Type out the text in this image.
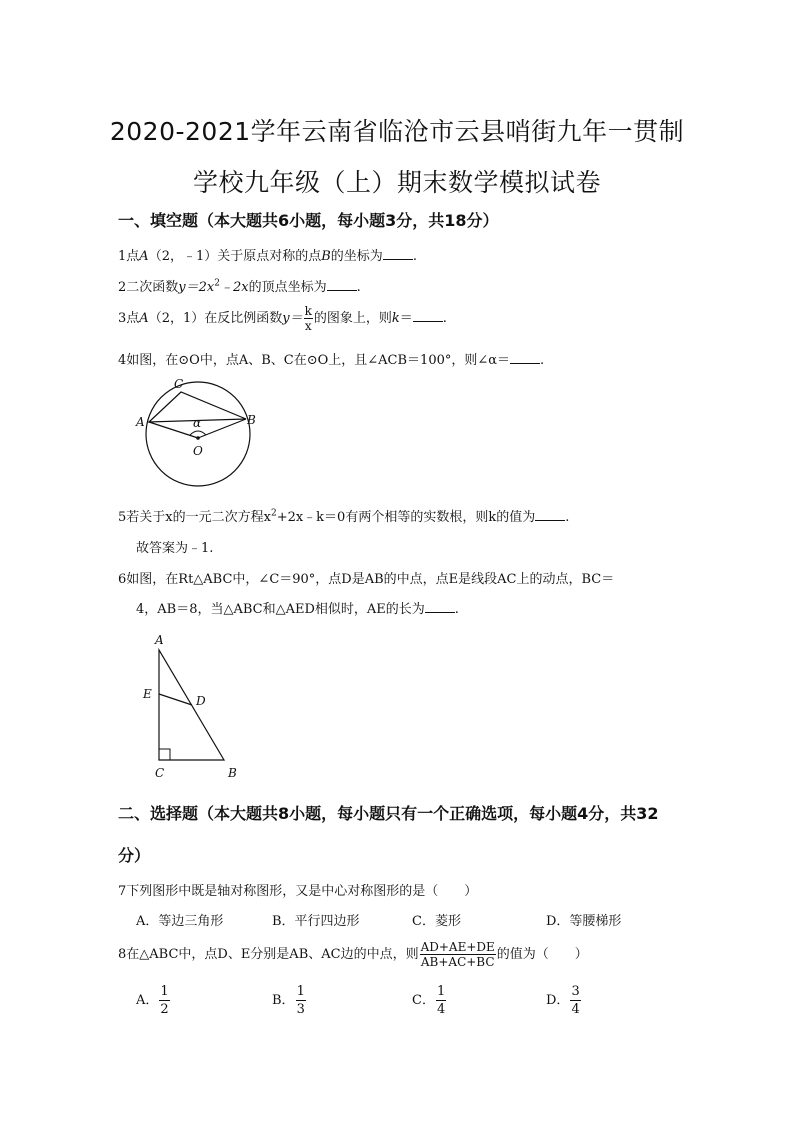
2020-2021学年云南省临沧市云县哨街九年一贯制
学校九年级（上）期末数学模拟试卷
一、填空题（本大题共6小题，每小题3分，共18分）
1点A（2，﹣1）关于原点对称的点B的坐标为 .
2二次函数$y=2x^2﹣2x$的顶点坐标为 .
3点A（2，1）在反比例函数$y= \frac{k}{x}$ 的图象上，则k＝ .
4如图，在⊙O中，点A、B、C在⊙O上，且∠ACB＝100°，则∠α＝ .
A
C
B
O
α
5若关于x的一元二次方程$x^2+2x﹣k=0$有两个相等的实数根，则k的值为 .
故答案为﹣1.
6如图，在Rt△ABC中，∠C＝90°，点D是AB的中点，点E是线段AC上的动点，BC＝
4，AB＝8，当△ABC和△AED相似时，AE的长为 .
A
E	D
C	B
二、选择题（本大题共8小题，每小题只有一个正确选项，每小题4分，共32
分）
7下列图形中既是轴对称图形，又是中心对称图形的是（　　）
A．等边三角形	B．平行四边形	C．菱形	D．等腰梯形
8在△ABC中，点D、E分别是AB、AC边的中点，则 $\frac{AD+AE+DE}{AB+AC+BC}$ 的值为（　　）
A． $\frac{1}{2}$	B． $\frac{1}{3}$	C． $\frac{1}{4}$	D． $\frac{3}{4}$
